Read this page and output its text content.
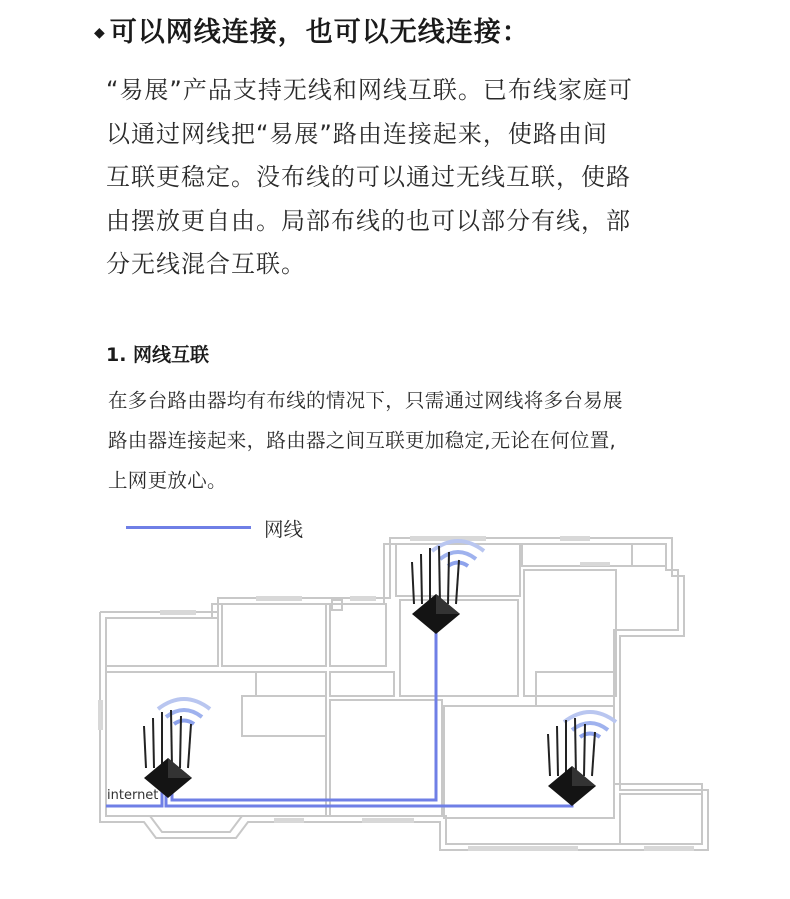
◆ 可以网线连接，也可以无线连接：
“易展”产品支持无线和网线互联。已布线家庭可
以通过网线把“易展”路由连接起来，使路由间
互联更稳定。没布线的可以通过无线互联，使路
由摆放更自由。局部布线的也可以部分有线，部
分无线混合互联。
1. 网线互联
在多台路由器均有布线的情况下，只需通过网线将多台易展
路由器连接起来，路由器之间互联更加稳定,无论在何位置,
上网更放心。
网线
internet
